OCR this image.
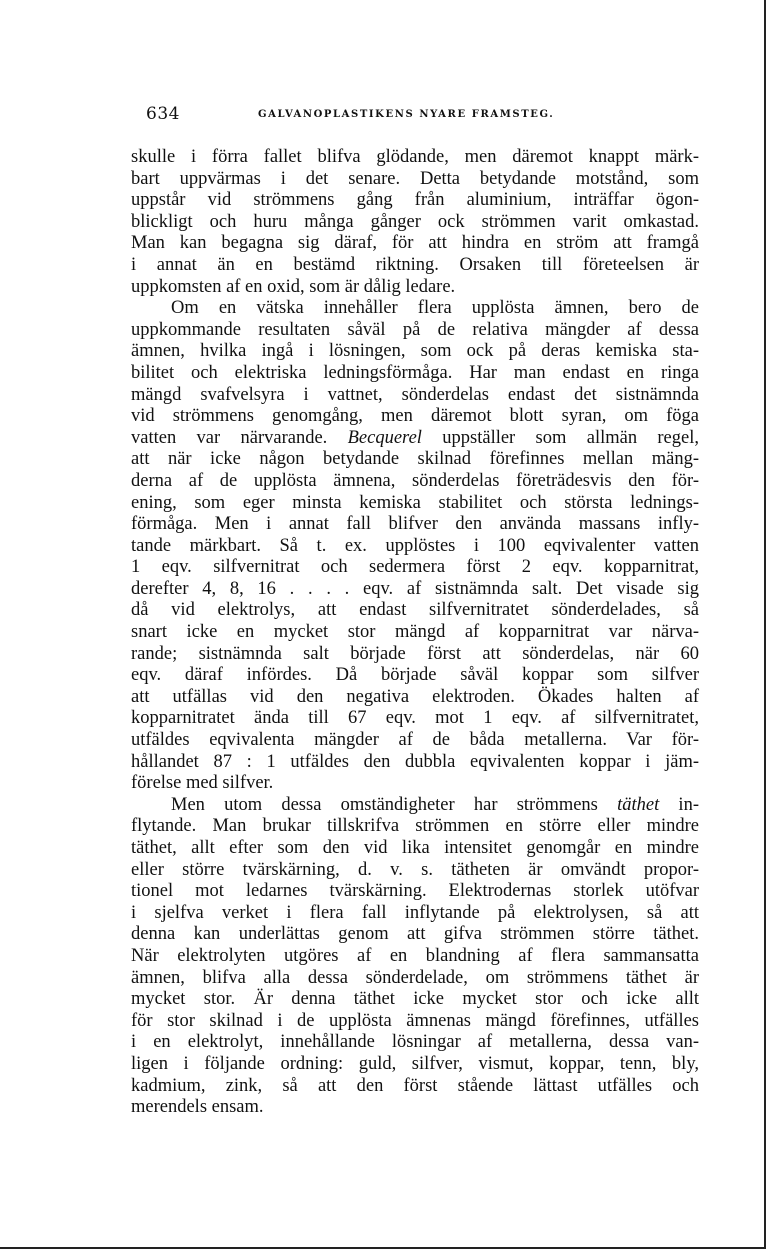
634	GALVANOPLASTIKENS NYARE FRAMSTEG.
skulle i förra fallet blifva glödande, men däremot knappt märk-
bart uppvärmas i det senare. Detta betydande motstånd, som
uppstår vid strömmens gång från aluminium, inträffar ögon-
blickligt och huru många gånger ock strömmen varit omkastad.
Man kan begagna sig däraf, för att hindra en ström att framgå
i annat än en bestämd riktning. Orsaken till företeelsen är
uppkomsten af en oxid, som är dålig ledare.
Om en vätska innehåller flera upplösta ämnen, bero de
uppkommande resultaten såväl på de relativa mängder af dessa
ämnen, hvilka ingå i lösningen, som ock på deras kemiska sta-
bilitet och elektriska ledningsförmåga. Har man endast en ringa
mängd svafvelsyra i vattnet, sönderdelas endast det sistnämnda
vid strömmens genomgång, men däremot blott syran, om föga
vatten var närvarande. Becquerel uppställer som allmän regel,
att när icke någon betydande skilnad förefinnes mellan mäng-
derna af de upplösta ämnena, sönderdelas företrädesvis den för-
ening, som eger minsta kemiska stabilitet och största lednings-
förmåga. Men i annat fall blifver den använda massans infly-
tande märkbart. Så t. ex. upplöstes i 100 eqvivalenter vatten
1 eqv. silfvernitrat och sedermera först 2 eqv. kopparnitrat,
derefter 4, 8, 16 . . . . eqv. af sistnämnda salt. Det visade sig
då vid elektrolys, att endast silfvernitratet sönderdelades, så
snart icke en mycket stor mängd af kopparnitrat var närva-
rande; sistnämnda salt började först att sönderdelas, när 60
eqv. däraf infördes. Då började såväl koppar som silfver
att utfällas vid den negativa elektroden. Ökades halten af
kopparnitratet ända till 67 eqv. mot 1 eqv. af silfvernitratet,
utfäldes eqvivalenta mängder af de båda metallerna. Var för-
hållandet 87 : 1 utfäldes den dubbla eqvivalenten koppar i jäm-
förelse med silfver.
Men utom dessa omständigheter har strömmens täthet in-
flytande. Man brukar tillskrifva strömmen en större eller mindre
täthet, allt efter som den vid lika intensitet genomgår en mindre
eller större tvärskärning, d. v. s. tätheten är omvändt propor-
tionel mot ledarnes tvärskärning. Elektrodernas storlek utöfvar
i sjelfva verket i flera fall inflytande på elektrolysen, så att
denna kan underlättas genom att gifva strömmen större täthet.
När elektrolyten utgöres af en blandning af flera sammansatta
ämnen, blifva alla dessa sönderdelade, om strömmens täthet är
mycket stor. Är denna täthet icke mycket stor och icke allt
för stor skilnad i de upplösta ämnenas mängd förefinnes, utfälles
i en elektrolyt, innehållande lösningar af metallerna, dessa van-
ligen i följande ordning: guld, silfver, vismut, koppar, tenn, bly,
kadmium, zink, så att den först stående lättast utfälles och
merendels ensam.
